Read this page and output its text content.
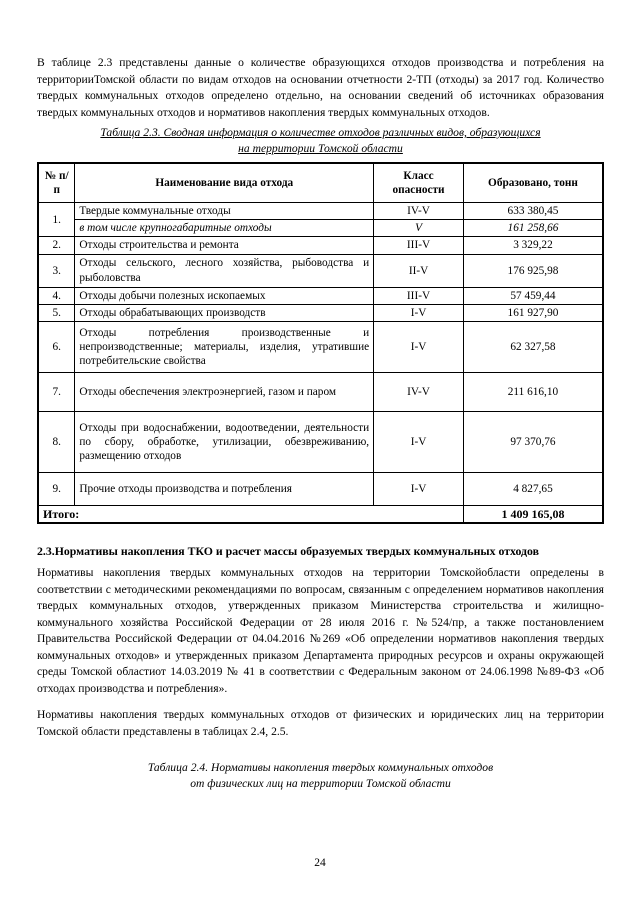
В таблице 2.3 представлены данные о количестве образующихся отходов производства и потребления на территорииТомской области по видам отходов на основании отчетности 2-ТП (отходы) за 2017 год. Количество твердых коммунальных отходов определено отдельно, на основании сведений об источниках образования твердых коммунальных отходов и нормативов накопления твердых коммунальных отходов.

Таблица 2.3. Сводная информация о количестве отходов различных видов, образующихся
на территории Томской области
№ п/п	Наименование вида отхода	Класс опасности	Образовано, тонн
1.	Твердые коммунальные отходы	IV-V	633 380,45
	в том числе крупногабаритные отходы	V	161 258,66
2.	Отходы строительства и ремонта	III-V	3 329,22
3.	Отходы сельского, лесного хозяйства, рыбоводства и рыболовства	II-V	176 925,98
4.	Отходы добычи полезных ископаемых	III-V	57 459,44
5.	Отходы обрабатывающих производств	I-V	161 927,90
6.	Отходы потребления производственные и непроизводственные; материалы, изделия, утратившие потребительские свойства	I-V	62 327,58
7.	Отходы обеспечения электроэнергией, газом и паром	IV-V	211 616,10
8.	Отходы при водоснабжении, водоотведении, деятельности по сбору, обработке, утилизации, обезвреживанию, размещению отходов	I-V	97 370,76
9.	Прочие отходы производства и потребления	I-V	4 827,65
Итого:			1 409 165,08
2.3.Нормативы накопления ТКО и расчет массы образуемых твердых коммунальных отходов

Нормативы накопления твердых коммунальных отходов на территории Томскойобласти определены в соответствии с методическими рекомендациями по вопросам, связанным с определением нормативов накопления твердых коммунальных отходов, утвержденных приказом Министерства строительства и жилищно-коммунального хозяйства Российской Федерации от 28 июля 2016 г. №524/пр, а также постановлением Правительства Российской Федерации от 04.04.2016 №269 «Об определении нормативов накопления твердых коммунальных отходов» и утвержденных приказом Департамента природных ресурсов и охраны окружающей среды Томской областиот 14.03.2019 № 41 в соответствии с Федеральным законом от 24.06.1998 №89-ФЗ «Об отходах производства и потребления».

Нормативы накопления твердых коммунальных отходов от физических и юридических лиц на территории Томской области представлены в таблицах 2.4, 2.5.

Таблица 2.4. Нормативы накопления твердых коммунальных отходов
от физических лиц на территории Томской области
24
